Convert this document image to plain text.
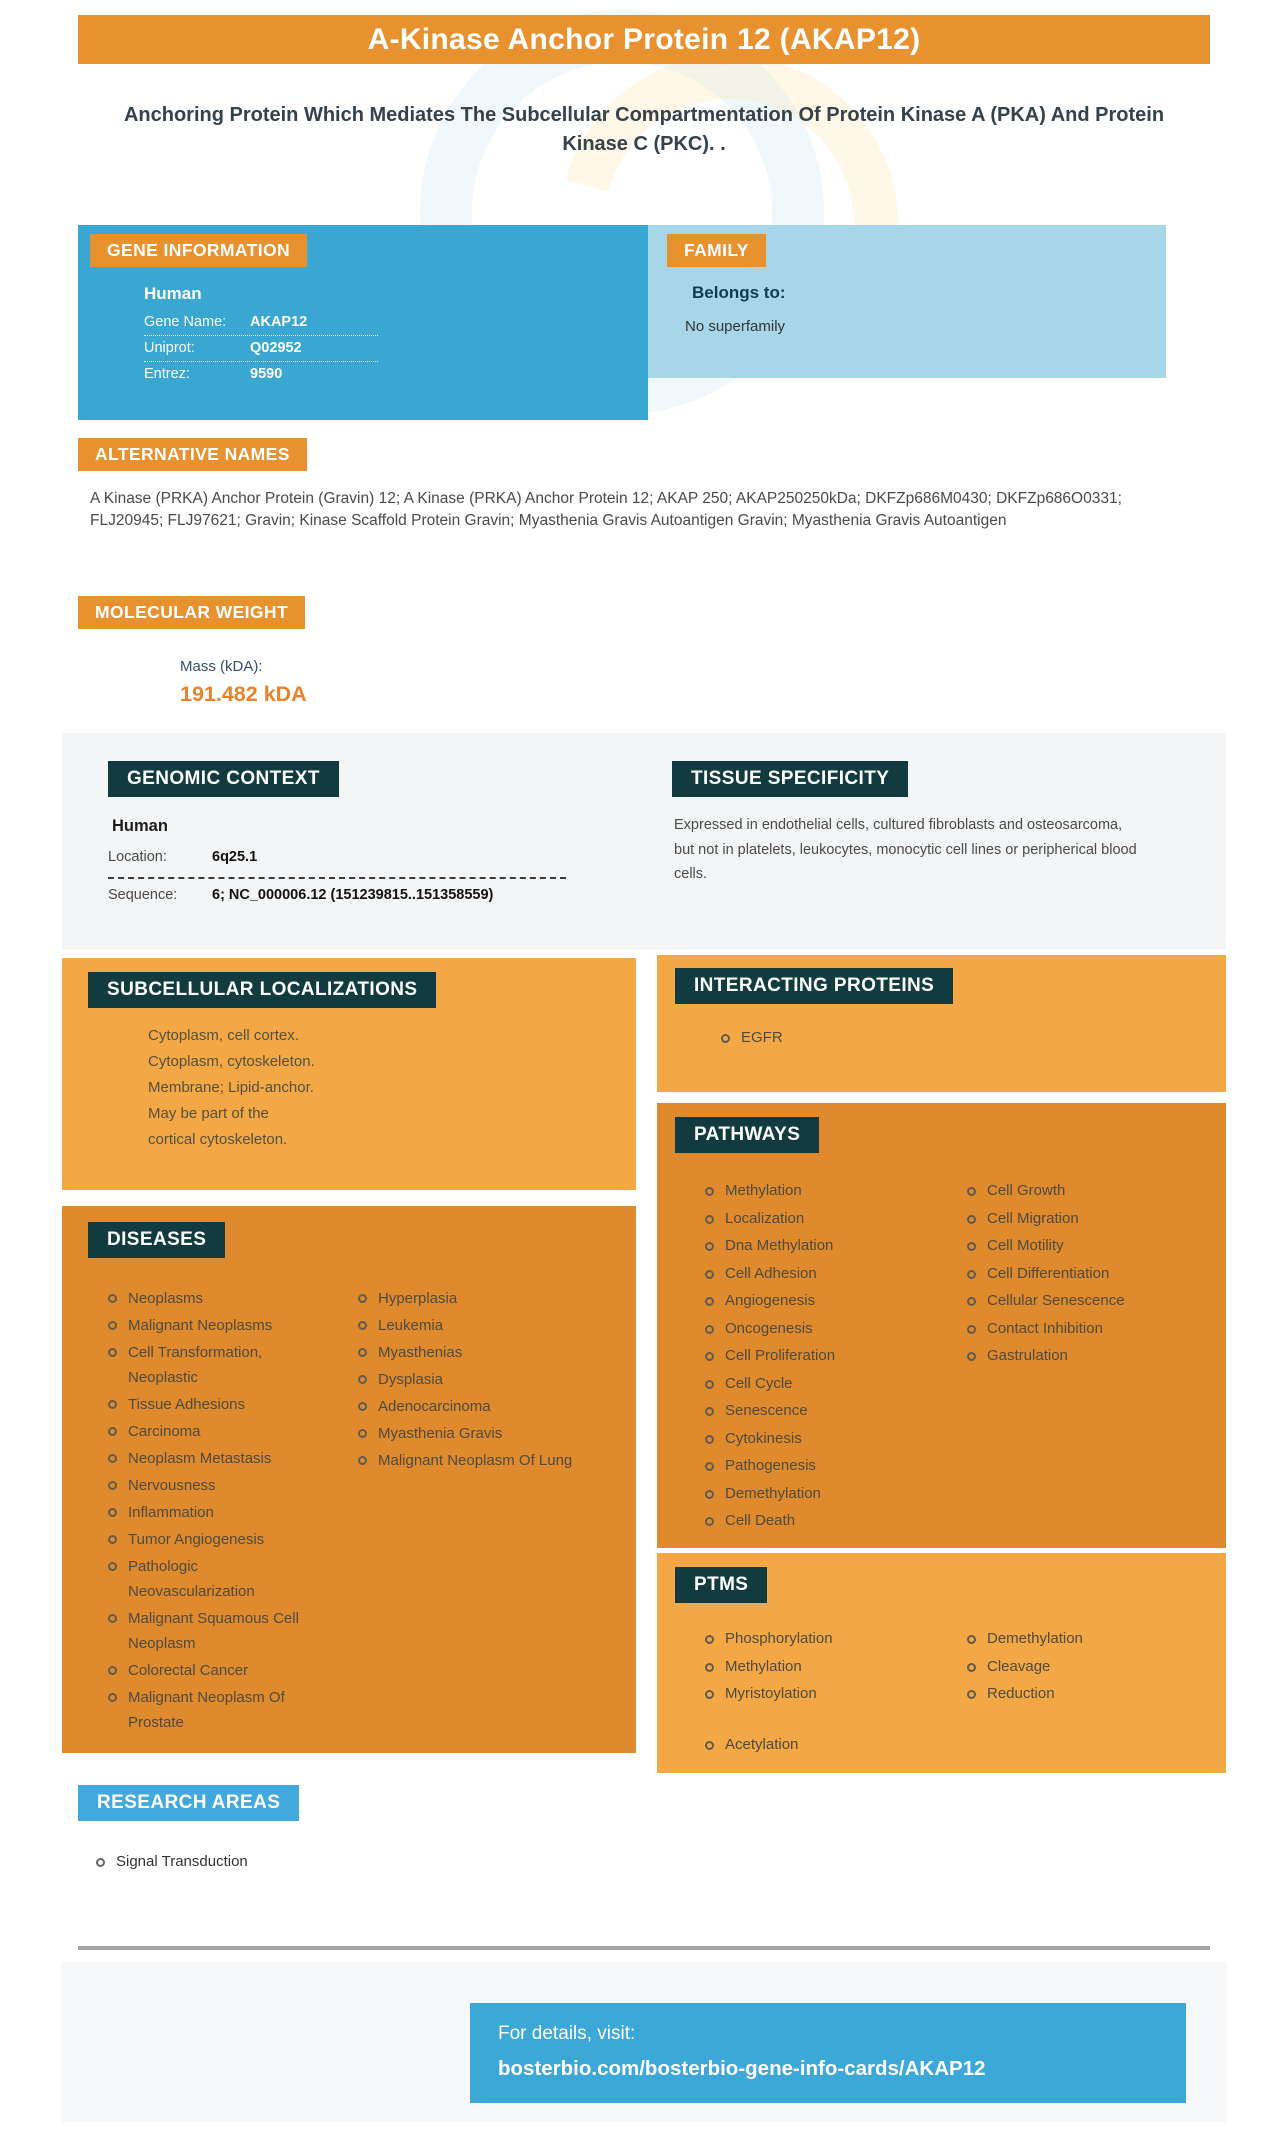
A-Kinase Anchor Protein 12 (AKAP12)
Anchoring Protein Which Mediates The Subcellular Compartmentation Of Protein Kinase A (PKA) And Protein Kinase C (PKC). .
GENE INFORMATION
Human
Gene Name:	AKAP12
Uniprot:	Q02952
Entrez:	9590
FAMILY
Belongs to:
No superfamily
ALTERNATIVE NAMES
A Kinase (PRKA) Anchor Protein (Gravin) 12; A Kinase (PRKA) Anchor Protein 12; AKAP 250; AKAP250250kDa; DKFZp686M0430; DKFZp686O0331; FLJ20945; FLJ97621; Gravin; Kinase Scaffold Protein Gravin; Myasthenia Gravis Autoantigen Gravin; Myasthenia Gravis Autoantigen
MOLECULAR WEIGHT
Mass (kDA):
191.482 kDA
GENOMIC CONTEXT
Human
Location:	6q25.1
Sequence:	6; NC_000006.12 (151239815..151358559)
TISSUE SPECIFICITY
Expressed in endothelial cells, cultured fibroblasts and osteosarcoma, but not in platelets, leukocytes, monocytic cell lines or peripherical blood cells.
SUBCELLULAR LOCALIZATIONS
Cytoplasm, cell cortex.
Cytoplasm, cytoskeleton.
Membrane; Lipid-anchor.
May be part of the
cortical cytoskeleton.
INTERACTING PROTEINS
EGFR
PATHWAYS
Methylation
Localization
Dna Methylation
Cell Adhesion
Angiogenesis
Oncogenesis
Cell Proliferation
Cell Cycle
Senescence
Cytokinesis
Pathogenesis
Demethylation
Cell Death
Cell Growth
Cell Migration
Cell Motility
Cell Differentiation
Cellular Senescence
Contact Inhibition
Gastrulation
DISEASES
Neoplasms
Malignant Neoplasms
Cell Transformation, Neoplastic
Tissue Adhesions
Carcinoma
Neoplasm Metastasis
Nervousness
Inflammation
Tumor Angiogenesis
Pathologic Neovascularization
Malignant Squamous Cell Neoplasm
Colorectal Cancer
Malignant Neoplasm Of Prostate
Hyperplasia
Leukemia
Myasthenias
Dysplasia
Adenocarcinoma
Myasthenia Gravis
Malignant Neoplasm Of Lung
PTMS
Phosphorylation
Methylation
Myristoylation
Acetylation
Demethylation
Cleavage
Reduction
RESEARCH AREAS
Signal Transduction
For details, visit:
bosterbio.com/bosterbio-gene-info-cards/AKAP12
